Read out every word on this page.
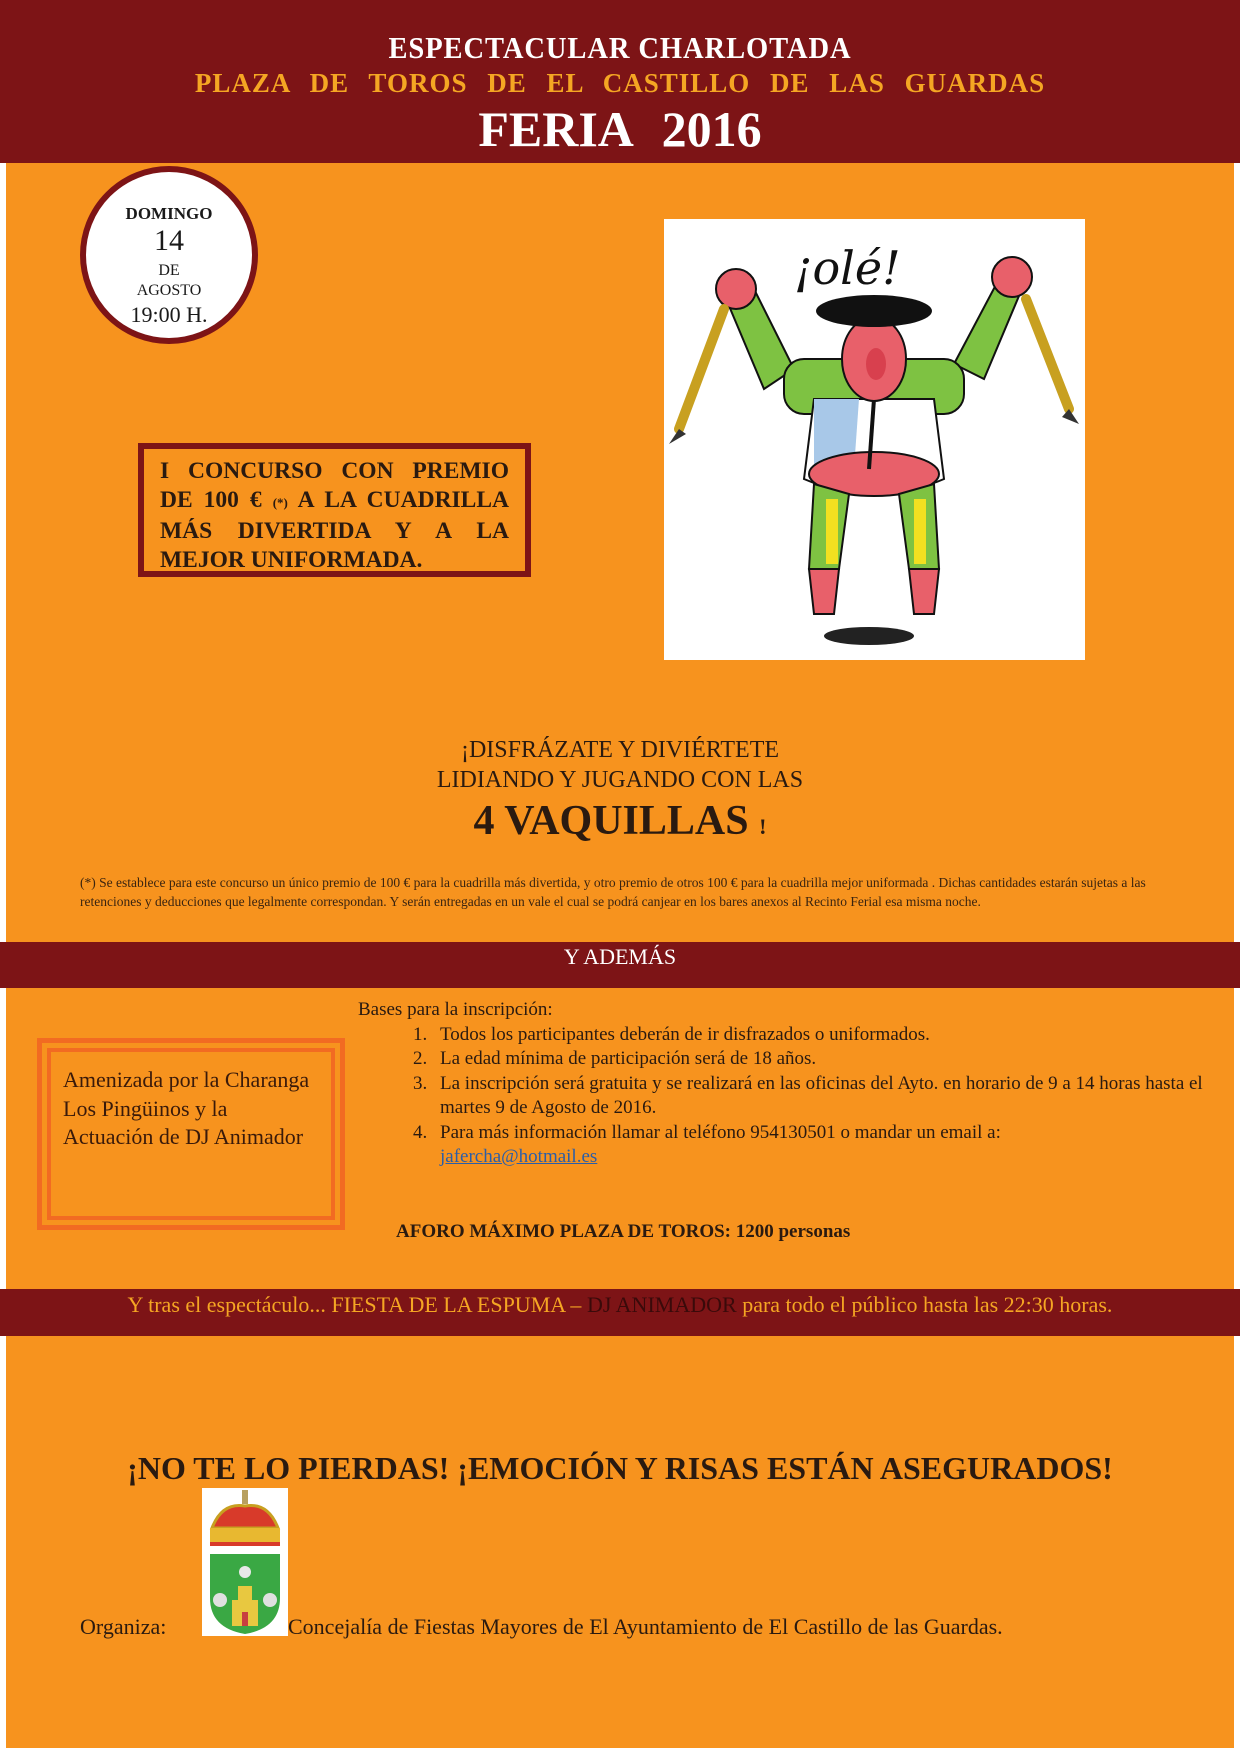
ESPECTACULAR CHARLOTADA
PLAZA DE TOROS DE EL CASTILLO DE LAS GUARDAS
FERIA 2016
DOMINGO
14
DE
AGOSTO
19:00 H.
I CONCURSO CON PREMIO
DE 100 € (*) A LA CUADRILLA
MÁS DIVERTIDA Y A LA
MEJOR UNIFORMADA.
¡olé!
¡DISFRÁZATE Y DIVIÉRTETE
LIDIANDO Y JUGANDO CON LAS
4 VAQUILLAS !
(*) Se establece para este concurso un único premio de 100 € para la cuadrilla más divertida, y otro premio de otros 100 € para la cuadrilla mejor uniformada . Dichas cantidades estarán sujetas a las retenciones y deducciones que legalmente correspondan. Y serán entregadas en un vale el cual se podrá canjear en los bares anexos al Recinto Ferial esa misma noche.
Y ADEMÁS
Amenizada por la Charanga Los Pingüinos y la Actuación de DJ Animador
Bases para la inscripción:
1. Todos los participantes deberán de ir disfrazados o uniformados.
2. La edad mínima de participación será de 18 años.
3. La inscripción será gratuita y se realizará en las oficinas del Ayto. en horario de 9 a 14 horas hasta el martes 9 de Agosto de 2016.
4. Para más información llamar al teléfono 954130501 o mandar un email a:
jafercha@hotmail.es
AFORO MÁXIMO PLAZA DE TOROS: 1200 personas
Y tras el espectáculo... FIESTA DE LA ESPUMA – DJ ANIMADOR para todo el público hasta las 22:30 horas.
¡NO TE LO PIERDAS! ¡EMOCIÓN Y RISAS ESTÁN ASEGURADOS!
Organiza:	Concejalía de Fiestas Mayores de El Ayuntamiento de El Castillo de las Guardas.
